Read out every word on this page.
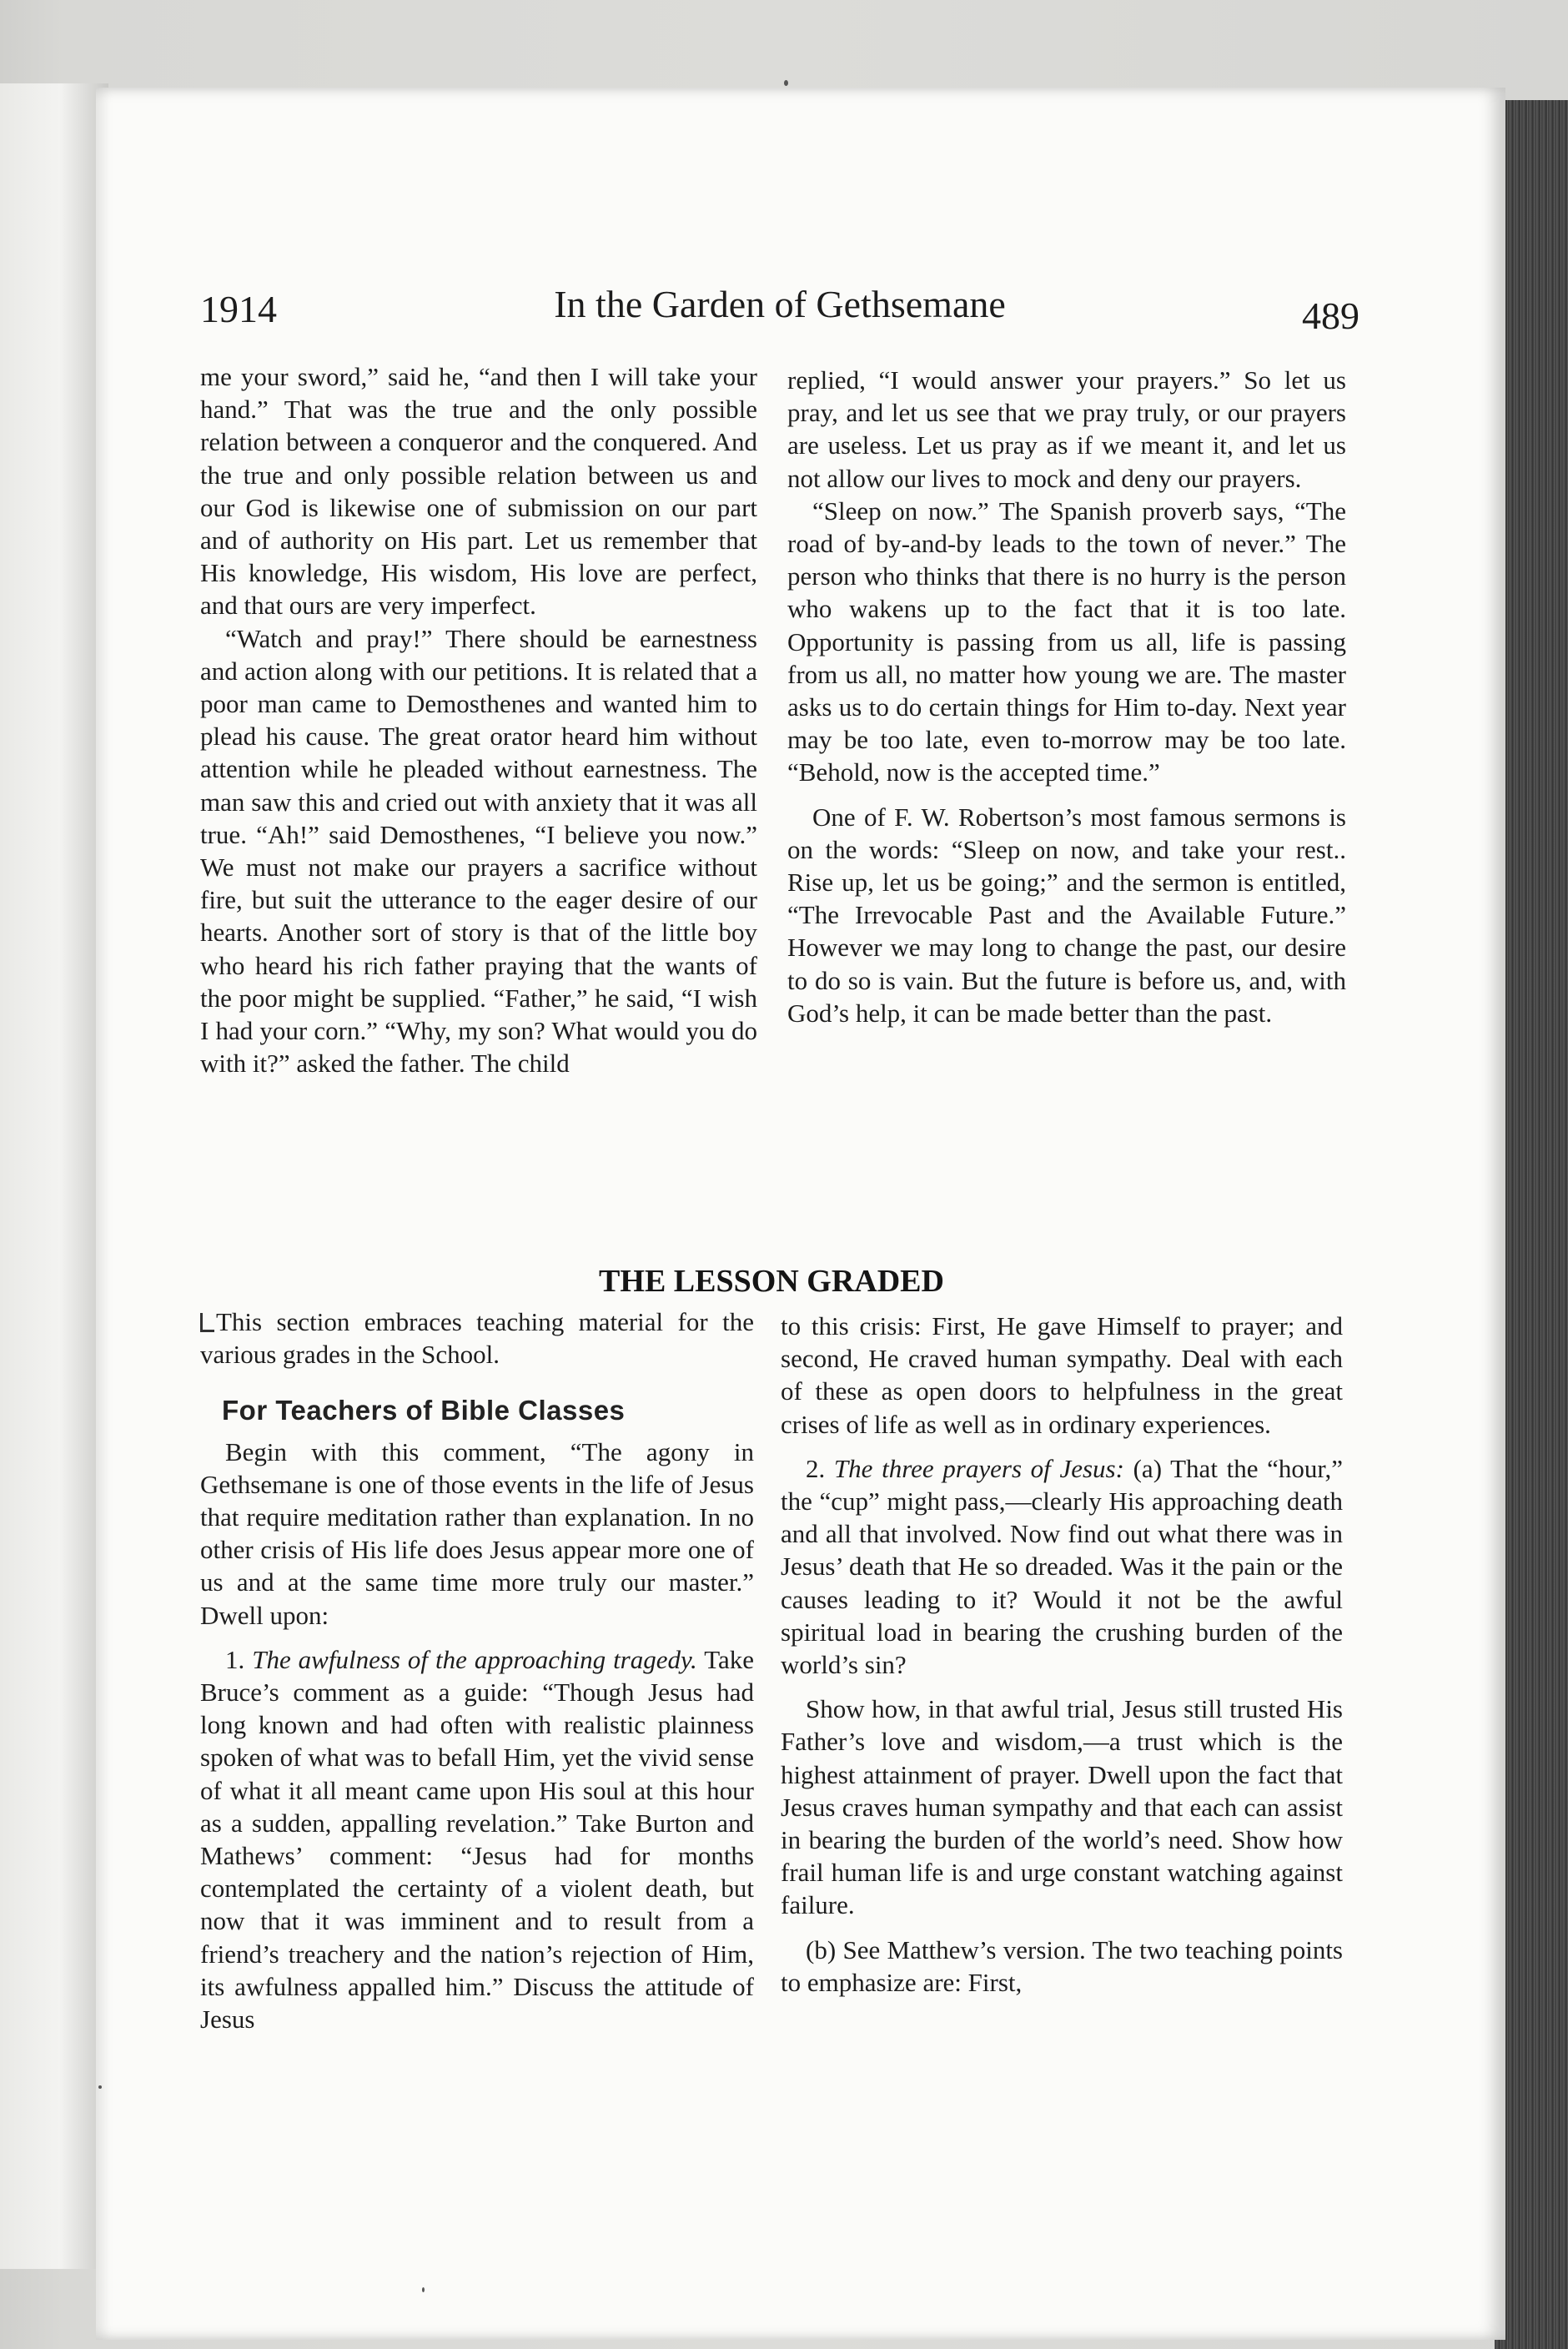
1914	In the Garden of Gethsemane	489

me your sword,” said he, “and then I will take your hand.” That was the true and the only possible relation between a conqueror and the conquered. And the true and only possible relation between us and our God is likewise one of submission on our part and of authority on His part. Let us remember that His knowledge, His wisdom, His love are perfect, and that ours are very imperfect.

“Watch and pray!” There should be earnestness and action along with our petitions. It is related that a poor man came to Demosthenes and wanted him to plead his cause. The great orator heard him without attention while he pleaded without earnestness. The man saw this and cried out with anxiety that it was all true. “Ah!” said Demosthenes, “I believe you now.” We must not make our prayers a sacrifice without fire, but suit the utterance to the eager desire of our hearts. Another sort of story is that of the little boy who heard his rich father praying that the wants of the poor might be supplied. “Father,” he said, “I wish I had your corn.” “Why, my son? What would you do with it?” asked the father. The child

replied, “I would answer your prayers.” So let us pray, and let us see that we pray truly, or our prayers are useless. Let us pray as if we meant it, and let us not allow our lives to mock and deny our prayers.

“Sleep on now.” The Spanish proverb says, “The road of by-and-by leads to the town of never.” The person who thinks that there is no hurry is the person who wakens up to the fact that it is too late. Opportunity is passing from us all, life is passing from us all, no matter how young we are. The master asks us to do certain things for Him to-day. Next year may be too late, even to-morrow may be too late. “Behold, now is the accepted time.”

One of F. W. Robertson’s most famous sermons is on the words: “Sleep on now, and take your rest.. Rise up, let us be going;” and the sermon is entitled, “The Irrevocable Past and the Available Future.” However we may long to change the past, our desire to do so is vain. But the future is before us, and, with God’s help, it can be made better than the past.

THE LESSON GRADED

This section embraces teaching material for the various grades in the School.

For Teachers of Bible Classes

Begin with this comment, “The agony in Gethsemane is one of those events in the life of Jesus that require meditation rather than explanation. In no other crisis of His life does Jesus appear more one of us and at the same time more truly our master.” Dwell upon:

1. The awfulness of the approaching tragedy. Take Bruce’s comment as a guide: “Though Jesus had long known and had often with realistic plainness spoken of what was to befall Him, yet the vivid sense of what it all meant came upon His soul at this hour as a sudden, appalling revelation.” Take Burton and Mathews’ comment: “Jesus had for months contemplated the certainty of a violent death, but now that it was imminent and to result from a friend’s treachery and the nation’s rejection of Him, its awfulness appalled him.” Discuss the attitude of Jesus

to this crisis: First, He gave Himself to prayer; and second, He craved human sympathy. Deal with each of these as open doors to helpfulness in the great crises of life as well as in ordinary experiences.

2. The three prayers of Jesus: (a) That the “hour,” the “cup” might pass,—clearly His approaching death and all that involved. Now find out what there was in Jesus’ death that He so dreaded. Was it the pain or the causes leading to it? Would it not be the awful spiritual load in bearing the crushing burden of the world’s sin?

Show how, in that awful trial, Jesus still trusted His Father’s love and wisdom,—a trust which is the highest attainment of prayer. Dwell upon the fact that Jesus craves human sympathy and that each can assist in bearing the burden of the world’s need. Show how frail human life is and urge constant watching against failure.

(b) See Matthew’s version. The two teaching points to emphasize are: First,
